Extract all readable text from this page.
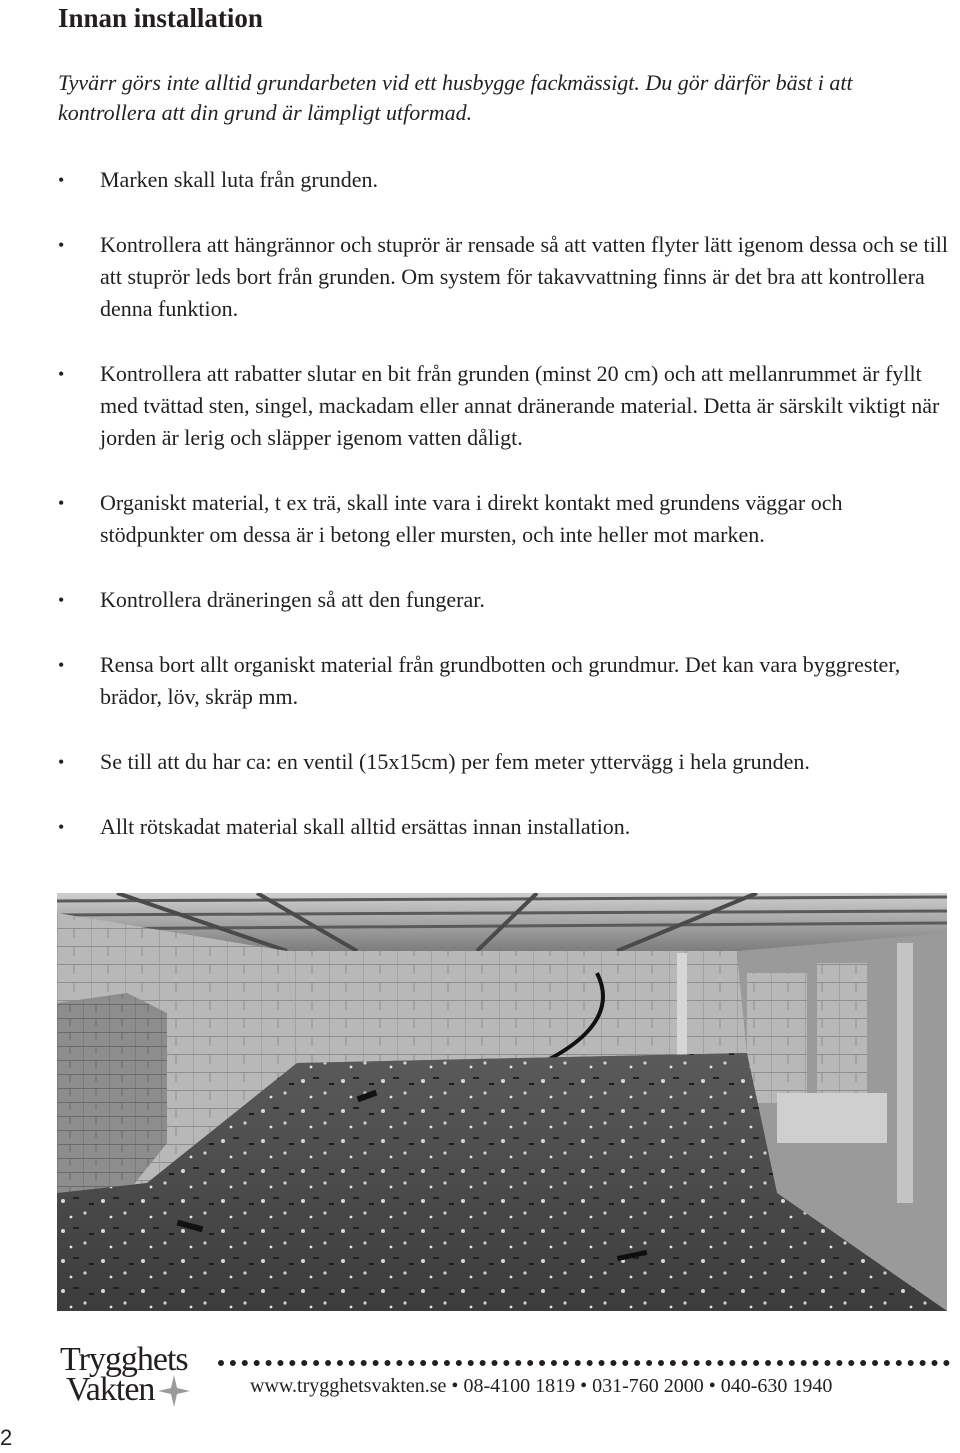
Innan installation

Tyvärr görs inte alltid grundarbeten vid ett husbygge fackmässigt. Du gör därför bäst i att kontrollera att din grund är lämpligt utformad.

• Marken skall luta från grunden.
• Kontrollera att hängrännor och stuprör är rensade så att vatten flyter lätt igenom dessa och se till att stuprör leds bort från grunden. Om system för takavvattning finns är det bra att kontrollera denna funktion.
• Kontrollera att rabatter slutar en bit från grunden (minst 20 cm) och att mellanrummet är fyllt med tvättad sten, singel, mackadam eller annat dränerande material. Detta är särskilt viktigt när jorden är lerig och släpper igenom vatten dåligt.
• Organiskt material, t ex trä, skall inte vara i direkt kontakt med grundens väggar och stödpunkter om dessa är i betong eller mursten, och inte heller mot marken.
• Kontrollera dräneringen så att den fungerar.
• Rensa bort allt organiskt material från grundbotten och grundmur. Det kan vara byggrester, brädor, löv, skräp mm.
• Se till att du har ca: en ventil (15x15cm) per fem meter yttervägg i hela grunden.
• Allt rötskadat material skall alltid ersättas innan installation.
Trygghets
Vakten	www.trygghetsvakten.se • 08-4100 1819 • 031-760 2000 • 040-630 1940
2
